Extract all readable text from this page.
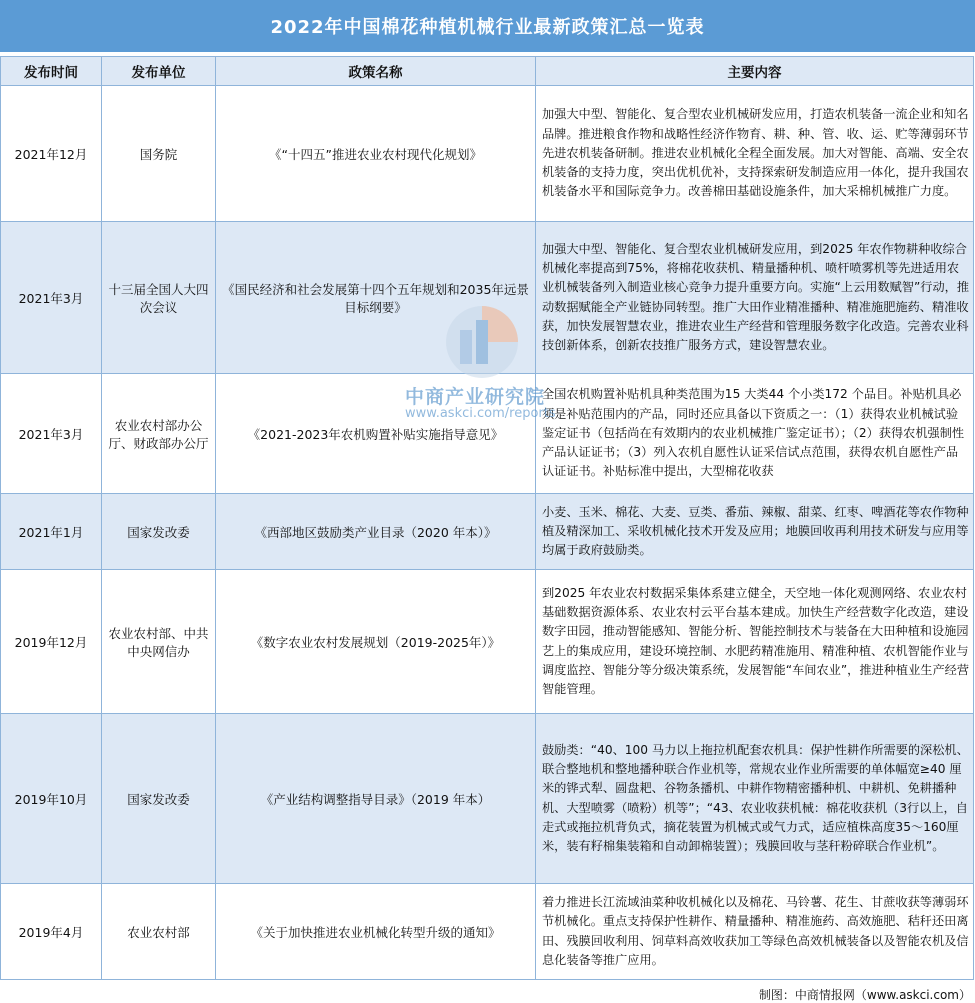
2022年中国棉花种植机械行业最新政策汇总一览表
发布时间	发布单位	政策名称	主要内容
2021年12月	国务院	《“十四五”推进农业农村现代化规划》	加强大中型、智能化、复合型农业机械研发应用，打造农机装备一流企业和知名品牌。推进粮食作物和战略性经济作物育、耕、种、管、收、运、贮等薄弱环节先进农机装备研制。推进农业机械化全程全面发展。加大对智能、高端、安全农机装备的支持力度，突出优机优补，支持探索研发制造应用一体化，提升我国农机装备水平和国际竞争力。改善棉田基础设施条件，加大采棉机械推广力度。
2021年3月	十三届全国人大四次会议	《国民经济和社会发展第十四个五年规划和2035年远景目标纲要》	加强大中型、智能化、复合型农业机械研发应用，到2025 年农作物耕种收综合机械化率提高到75%，将棉花收获机、精量播种机、喷杆喷雾机等先进适用农业机械装备列入制造业核心竞争力提升重要方向。实施“上云用数赋智”行动，推动数据赋能全产业链协同转型。推广大田作业精准播种、精准施肥施药、精准收获，加快发展智慧农业，推进农业生产经营和管理服务数字化改造。完善农业科技创新体系，创新农技推广服务方式，建设智慧农业。
2021年3月	农业农村部办公厅、财政部办公厅	《2021-2023年农机购置补贴实施指导意见》	全国农机购置补贴机具种类范围为15 大类44 个小类172 个品目。补贴机具必须是补贴范围内的产品，同时还应具备以下资质之一：（1）获得农业机械试验鉴定证书（包括尚在有效期内的农业机械推广鉴定证书）；（2）获得农机强制性产品认证证书；（3）列入农机自愿性认证采信试点范围，获得农机自愿性产品认证证书。补贴标准中提出，大型棉花收获
2021年1月	国家发改委	《西部地区鼓励类产业目录（2020 年本）》	小麦、玉米、棉花、大麦、豆类、番茄、辣椒、甜菜、红枣、啤酒花等农作物种植及精深加工、采收机械化技术开发及应用；地膜回收再利用技术研发与应用等均属于政府鼓励类。
2019年12月	农业农村部、中共中央网信办	《数字农业农村发展规划（2019-2025年）》	到2025 年农业农村数据采集体系建立健全，天空地一体化观测网络、农业农村基础数据资源体系、农业农村云平台基本建成。加快生产经营数字化改造，建设数字田园，推动智能感知、智能分析、智能控制技术与装备在大田种植和设施园艺上的集成应用，建设环境控制、水肥药精准施用、精准种植、农机智能作业与调度监控、智能分等分级决策系统，发展智能“车间农业”，推进种植业生产经营智能管理。
2019年10月	国家发改委	《产业结构调整指导目录》（2019 年本）	鼓励类：“40、100 马力以上拖拉机配套农机具：保护性耕作所需要的深松机、联合整地机和整地播种联合作业机等，常规农业作业所需要的单体幅宽≥40 厘米的铧式犁、圆盘耙、谷物条播机、中耕作物精密播种机、中耕机、免耕播种机、大型喷雾（喷粉）机等”；“43、农业收获机械：棉花收获机（3行以上，自走式或拖拉机背负式，摘花装置为机械式或气力式，适应植株高度35～160厘米，装有籽棉集装箱和自动卸棉装置）；残膜回收与茎秆粉碎联合作业机”。
2019年4月	农业农村部	《关于加快推进农业机械化转型升级的通知》	着力推进长江流域油菜种收机械化以及棉花、马铃薯、花生、甘蔗收获等薄弱环节机械化。重点支持保护性耕作、精量播种、精准施药、高效施肥、秸秆还田离田、残膜回收利用、饲草料高效收获加工等绿色高效机械装备以及智能农机及信息化装备等推广应用。
中商产业研究院
www.askci.com/reports
制图：中商情报网（www.askci.com）
